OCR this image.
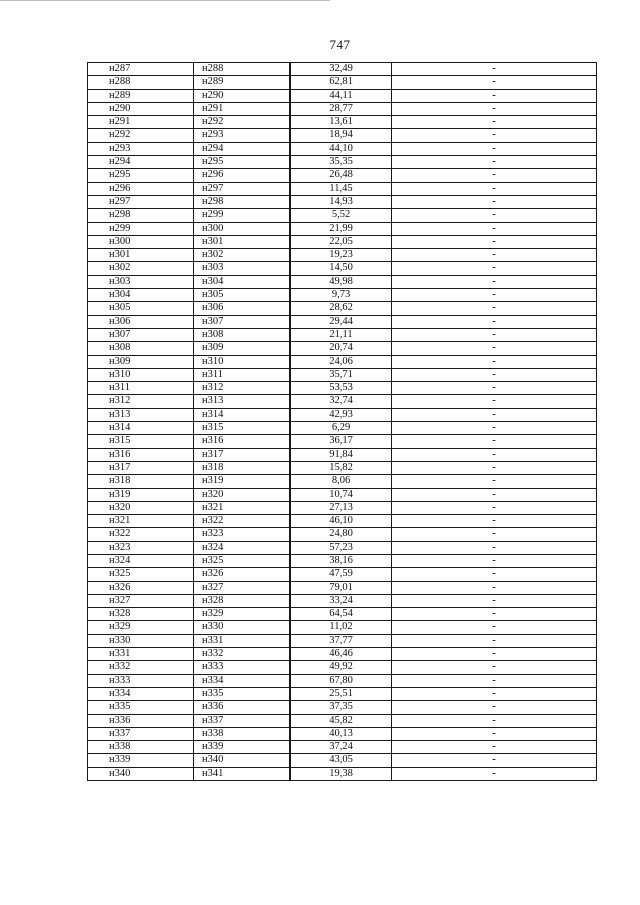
747
н287	н288	32,49	-
н288	н289	62,81	-
н289	н290	44,11	-
н290	н291	28,77	-
н291	н292	13,61	-
н292	н293	18,94	-
н293	н294	44,10	-
н294	н295	35,35	-
н295	н296	26,48	-
н296	н297	11,45	-
н297	н298	14,93	-
н298	н299	5,52	-
н299	н300	21,99	-
н300	н301	22,05	-
н301	н302	19,23	-
н302	н303	14,50	-
н303	н304	49,98	-
н304	н305	9,73	-
н305	н306	28,62	-
н306	н307	29,44	-
н307	н308	21,11	-
н308	н309	20,74	-
н309	н310	24,06	-
н310	н311	35,71	-
н311	н312	53,53	-
н312	н313	32,74	-
н313	н314	42,93	-
н314	н315	6,29	-
н315	н316	36,17	-
н316	н317	91,84	-
н317	н318	15,82	-
н318	н319	8,06	-
н319	н320	10,74	-
н320	н321	27,13	-
н321	н322	46,10	-
н322	н323	24,80	-
н323	н324	57,23	-
н324	н325	38,16	-
н325	н326	47,59	-
н326	н327	79,01	-
н327	н328	33,24	-
н328	н329	64,54	-
н329	н330	11,02	-
н330	н331	37,77	-
н331	н332	46,46	-
н332	н333	49,92	-
н333	н334	67,80	-
н334	н335	25,51	-
н335	н336	37,35	-
н336	н337	45,82	-
н337	н338	40,13	-
н338	н339	37,24	-
н339	н340	43,05	-
н340	н341	19,38	-
